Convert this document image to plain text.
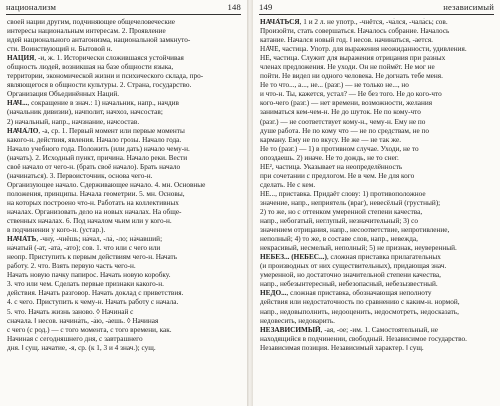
национализм	148
своей нации другим, подчиняющее общечеловеческие
интересы национальным интересам. 2. Проявление
идей национального антагонизма, национальной замкнуто-
сти. Воинствующий н. Бытовой н.
НАЦИЯ, -и, ж. 1. Исторически сложившаяся устойчивая
общность людей, возникшая на базе общности языка,
территории, экономической жизни и психического склада, про-
являющегося в общности культуры. 2. Страна, государство.
Организация Объединённых Наций.
НАЧ..., сокращение в знач.: 1) начальник, напр., начдив
(начальник дивизии), начполит, начхоз, начсостав;
2) начальный, напр., начзнание, начсостав.
НАЧА́ЛО, -а, ср. 1. Первый момент или первые моменты
какого-н. действия, явления. Начало грозы. Начало года.
Начало учебного года. Положить (или дать) начало чему-н.
(начать). 2. Исходный пункт, причина. Начало реки. Вести
своё начало от чего-н. (брать своё начало). Брать начало
(начинаться). 3. Первоисточник, основа чего-н.
Организующее начало. Сдерживающее начало. 4. мн. Основные
положения, принципы. Начала геометрии. 5. мн. Основы,
на которых построено что-н. Работать на коллективных
началах. Организовать дело на новых началах. На обще-
ственных началах. 6. Под началом чьим или у кого-н.
в подчинении у кого-н. (устар.).
НАЧА́ТЬ, -чну́, -чнёшь; на́чал, -ла́, -ло; на́чавший;
на́чатый (-ат, -ата́, -ато); сов. 1. что или с чего или
неопр. Приступить к первым действиям чего-н. Начать
работу. 2. что. Взять первую часть чего-н.
Начать новую пачку папирос. Начать новую коробку.
3. что или чем. Сделать первые признаки какого-н.
действия. Начать разговор. Начать доклад с приветствия.
4. с чего. Приступить к чему-н. Начать работу с начала.
5. что. Начать жизнь заново. ◊ Начинай с
сначала. ‖ несов. начина́ть, -а́ю, -а́ешь. ◊ Начиная
с чего (с род.) — с того момента, с того времени, как.
Начиная с сегодняшнего дня, с завтрашнего
дня. ‖ сущ. начатие, -я, ср. (к 1, 3 и 4 знач.); сущ.
149	независимый
НАЧА́ТЬСЯ, 1 и 2 л. не употр., -чнётся, -ча́лся, -чала́сь; сов.
Произойти, стать совершаться. Началось собрание. Началось
катание. Начался новый год. ‖ несов. начинаться, -ается.
НА́ЧЕ, частица. Употр. для выражения неожиданности, удивления.
НЕ, частица. Служит для выражения отрицания при разных
членах предложения. Не уходи. Он не поймёт. Не мог не
пойти. Не видел ни одного человека. Не догнать тебе меня.
Не то что..., а..., не... (разг.) — не только не..., но
и что-н. Ты, кажется, устал? — Не без того. Не до кого-что
кого-чего (разг.) — нет времени, возможности, желания
заниматься кем-чем-н. Не до шуток. Не по кому-что
(разг.) — не соответствует кому-н., чему-н. Ему не по
душе работа. Не по кому что — не по средствам, не по
карману. Ему не по вкусу. Не же — не так же.
Не то (разг.) — 1) в противном случае. Уходи, не то
опоздаешь. 2) иначе. Не то дождь, не то снег.
НЕ², частица. Указывает на неопределённость
при сочетании с предлогом. Не в чем. Не для кого
сделать. Не с кем.
НЕ..., приставка. Придаёт слову: 1) противоположное
значение, напр., неприятель (враг), невесёлый (грустный);
2) то же, но с оттенком умеренной степени качества,
напр., небогатый, неглупый, незначительный; 3) со
значением отрицания, напр., несоответствие, непротивление,
неполный; 4) то же, в составе слов, напр., невежда,
некрасивый, несмелый, неполный; 5) не признак, неуверенный.
НЕБЕЗ... (НЕБЕС...), сложная приставка прилагательных
(и производных от них существительных), придающая знач.
умеренной, но достаточно значительной степени качества,
напр., небезынтересный, небезопасный, небезызвестный.
НЕДО..., сложная приставка, обозначающая неполноту
действия или недостаточность по сравнению с каким-н. нормой,
напр., недовыполнить, недооценить, недосмотреть, недосказать,
недовесить, недоварить.
НЕЗАВИСИМЫЙ, -ая, -ое; -им. 1. Самостоятельный, не
находящийся в подчинении, свободный. Независимое государство.
Независимая позиция. Независимый характер. ‖ сущ.
